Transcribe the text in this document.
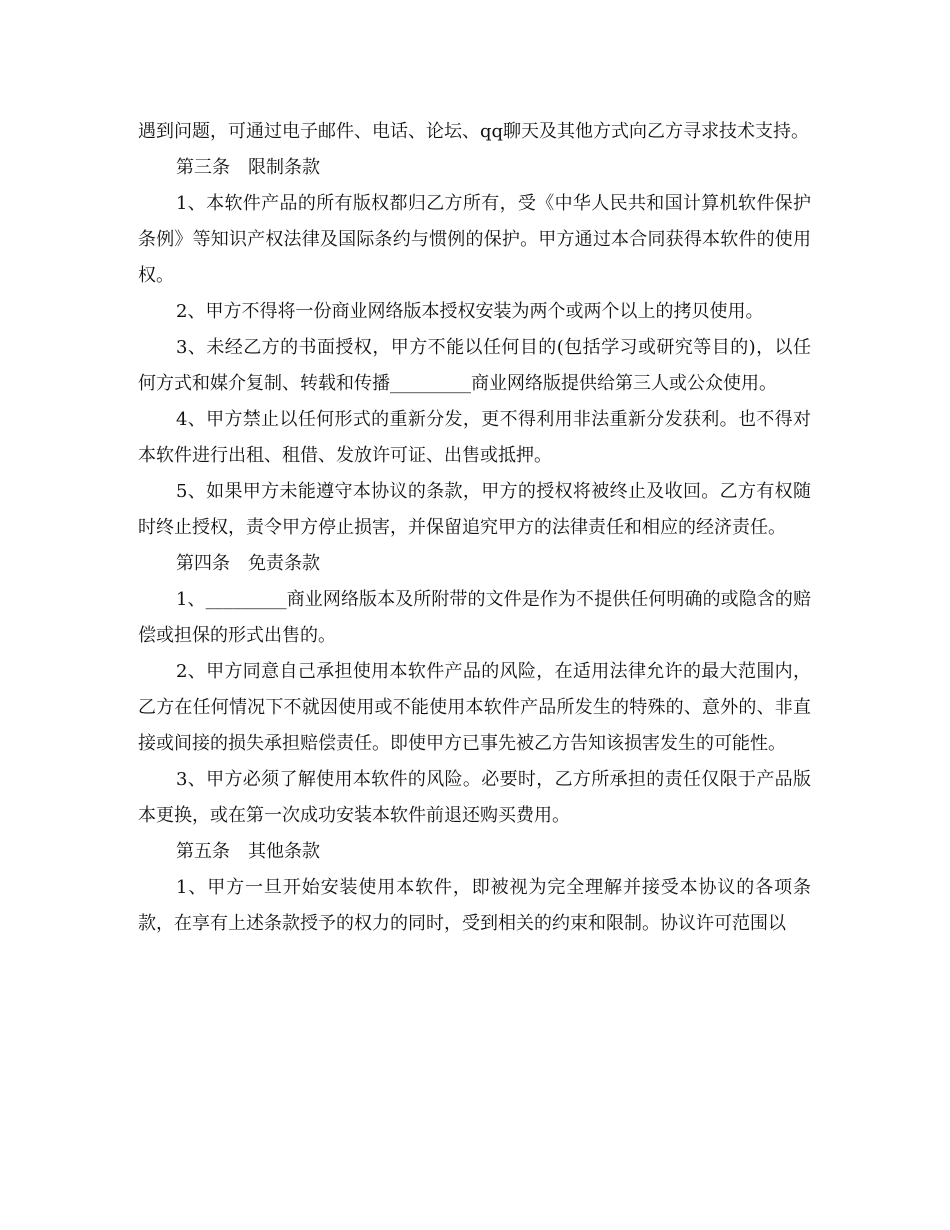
遇到问题，可通过电子邮件、电话、论坛、qq聊天及其他方式向乙方寻求技术支持。

第三条　限制条款

1、本软件产品的所有版权都归乙方所有，受《中华人民共和国计算机软件保护条例》等知识产权法律及国际条约与惯例的保护。甲方通过本合同获得本软件的使用权。

2、甲方不得将一份商业网络版本授权安装为两个或两个以上的拷贝使用。

3、未经乙方的书面授权，甲方不能以任何目的(包括学习或研究等目的)，以任何方式和媒介复制、转载和传播_________商业网络版提供给第三人或公众使用。

4、甲方禁止以任何形式的重新分发，更不得利用非法重新分发获利。也不得对本软件进行出租、租借、发放许可证、出售或抵押。

5、如果甲方未能遵守本协议的条款，甲方的授权将被终止及收回。乙方有权随时终止授权，责令甲方停止损害，并保留追究甲方的法律责任和相应的经济责任。

第四条　免责条款

1、_________商业网络版本及所附带的文件是作为不提供任何明确的或隐含的赔偿或担保的形式出售的。

2、甲方同意自己承担使用本软件产品的风险，在适用法律允许的最大范围内，乙方在任何情况下不就因使用或不能使用本软件产品所发生的特殊的、意外的、非直接或间接的损失承担赔偿责任。即使甲方已事先被乙方告知该损害发生的可能性。

3、甲方必须了解使用本软件的风险。必要时，乙方所承担的责任仅限于产品版本更换，或在第一次成功安装本软件前退还购买费用。

第五条　其他条款

1、甲方一旦开始安装使用本软件，即被视为完全理解并接受本协议的各项条款，在享有上述条款授予的权力的同时，受到相关的约束和限制。协议许可范围以
